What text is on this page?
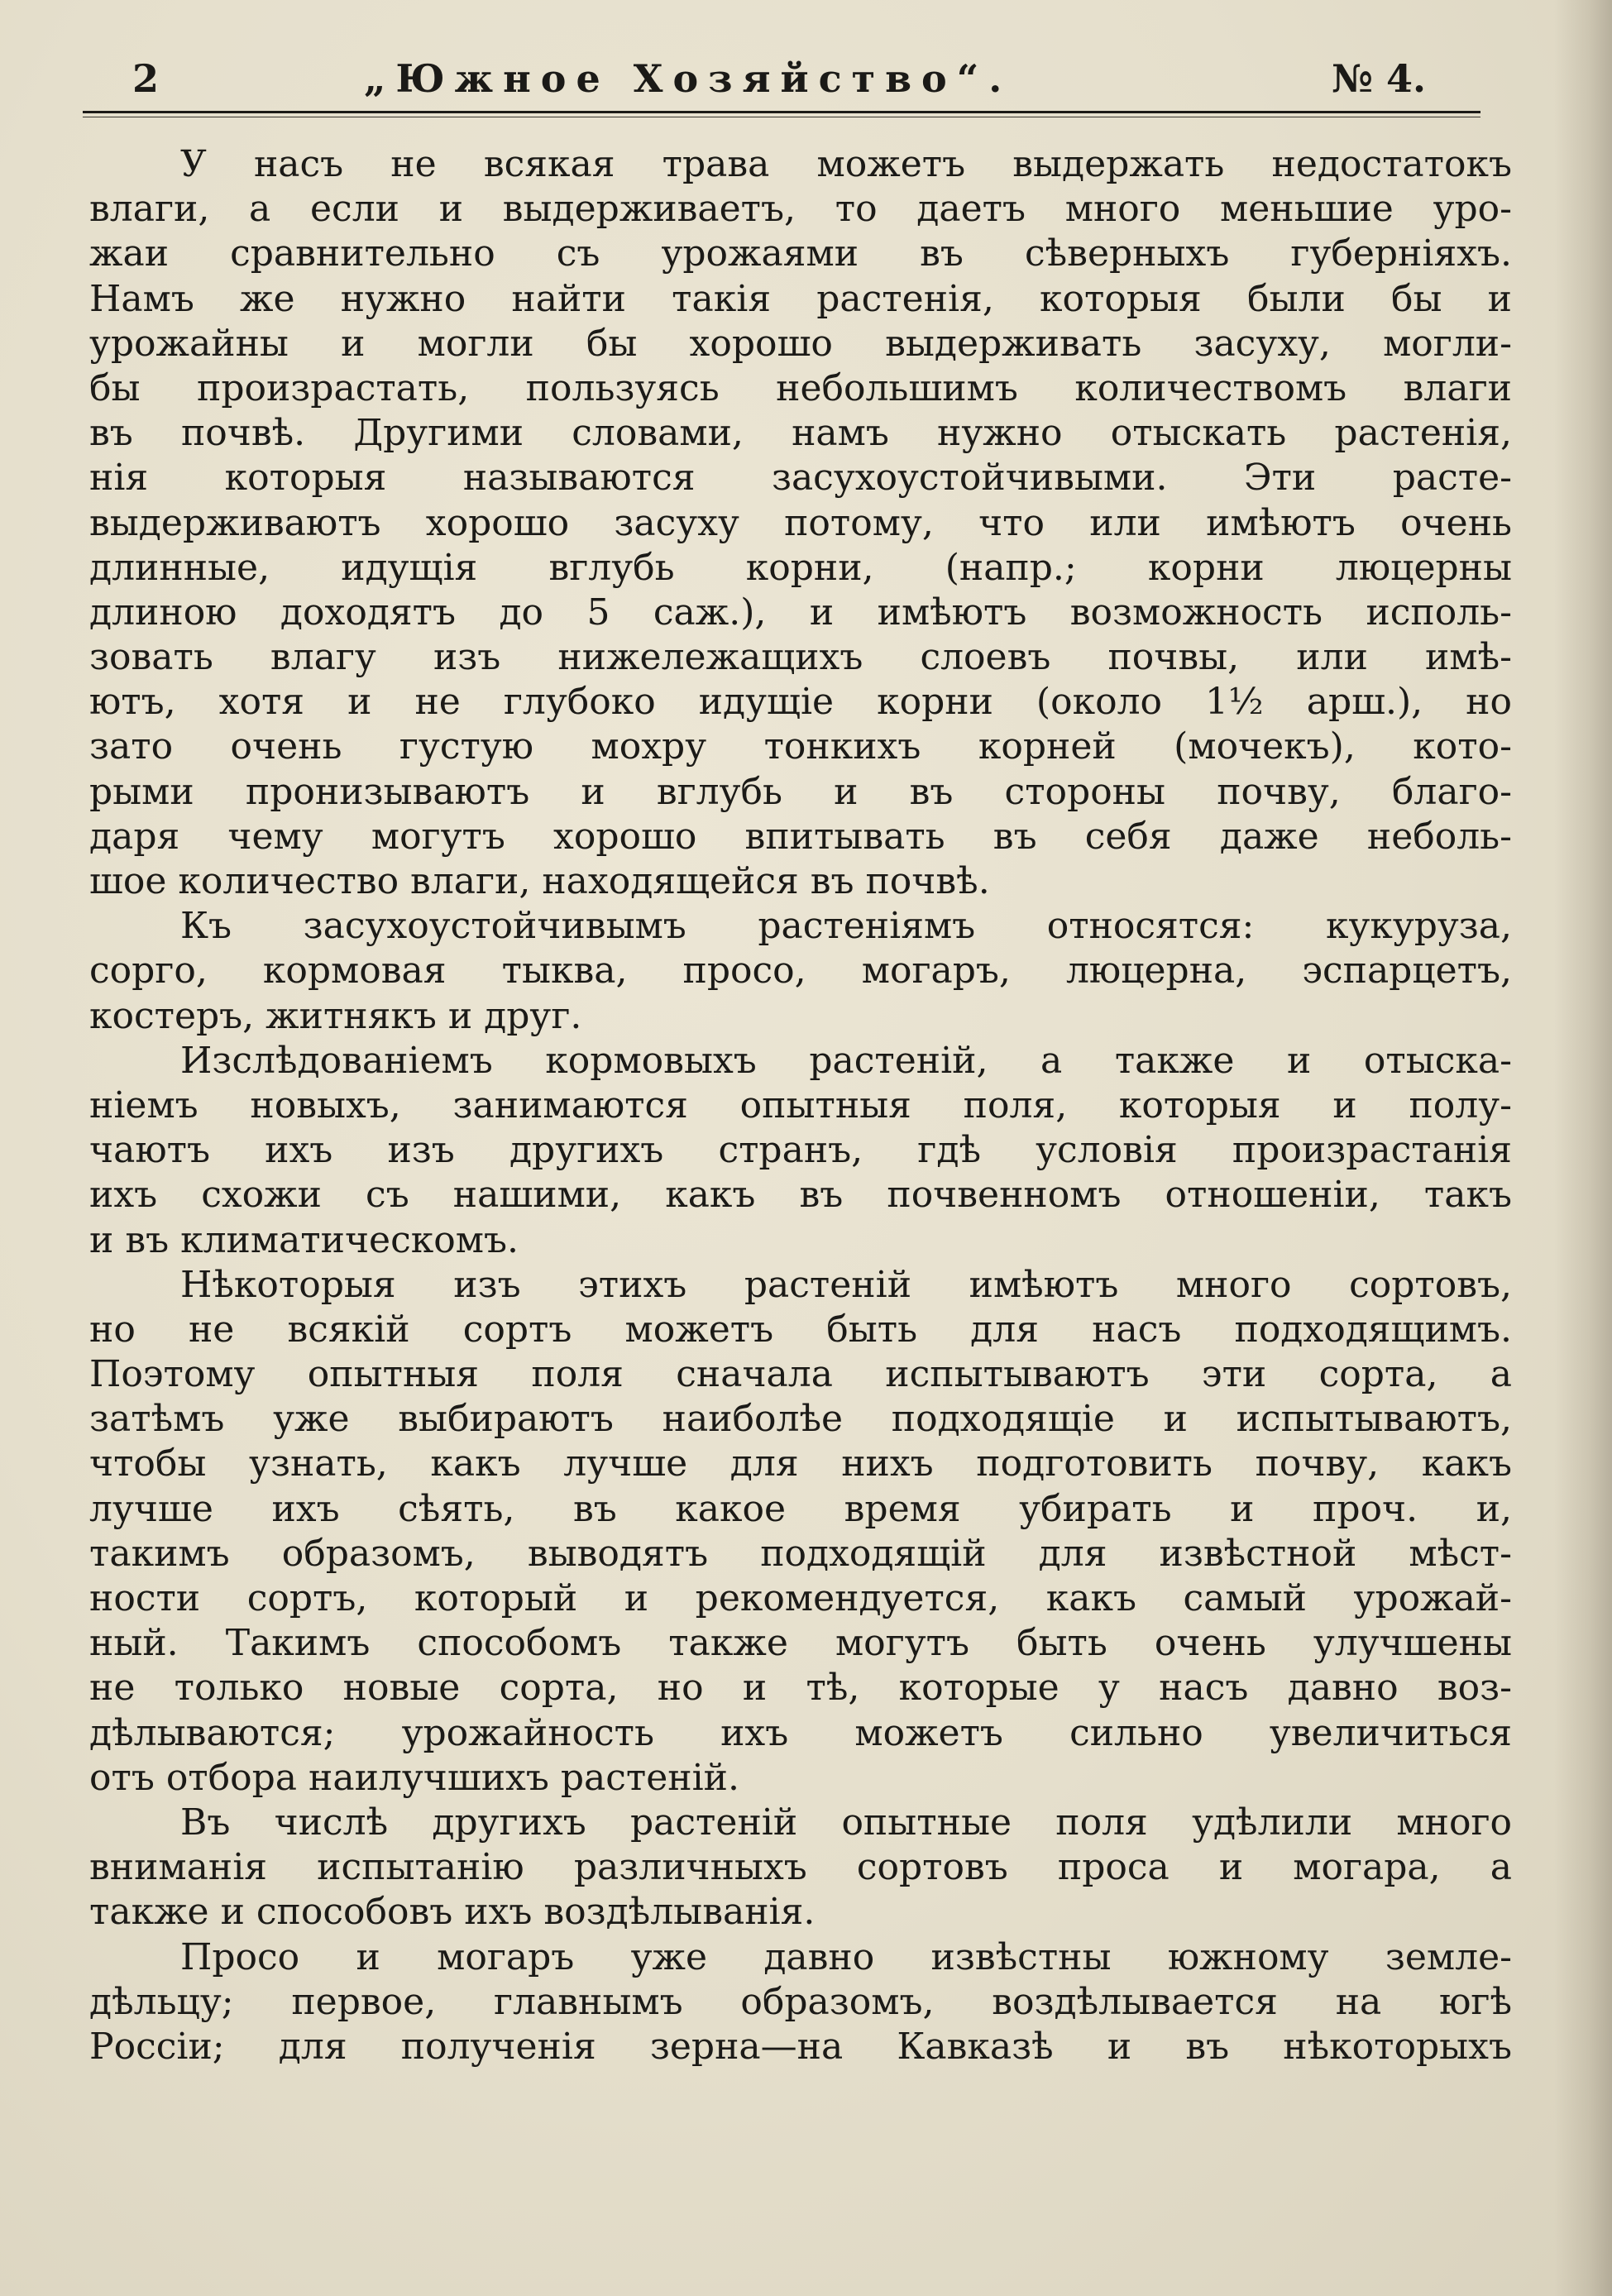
2	„Южное Хозяйство“.	№ 4.
У насъ не всякая трава можетъ выдержать недостатокъ
влаги, а если и выдерживаетъ, то даетъ много меньшие уро-
жаи сравнительно съ урожаями въ сѣверныхъ губерніяхъ.
Намъ же нужно найти такія растенія, которыя были бы и
урожайны и могли бы хорошо выдерживать засуху, могли-
бы произрастать, пользуясь небольшимъ количествомъ влаги
въ почвѣ. Другими словами, намъ нужно отыскать растенія,
нія которыя называются засухоустойчивыми. Эти расте-
выдерживаютъ хорошо засуху потому, что или имѣютъ очень
длинные, идущія вглубь корни, (напр.; корни люцерны
длиною доходятъ до 5 саж.), и имѣютъ возможность исполь-
зовать влагу изъ нижележащихъ слоевъ почвы, или имѣ-
ютъ, хотя и не глубоко идущіе корни (около 1½ арш.), но
зато очень густую мохру тонкихъ корней (мочекъ), кото-
рыми пронизываютъ и вглубь и въ стороны почву, благо-
даря чему могутъ хорошо впитывать въ себя даже неболь-
шое количество влаги, находящейся въ почвѣ.
Къ засухоустойчивымъ растеніямъ относятся: кукуруза,
сорго, кормовая тыква, просо, могаръ, люцерна, эспарцетъ,
костеръ, житнякъ и друг.
Изслѣдованіемъ кормовыхъ растеній, а также и отыска-
ніемъ новыхъ, занимаются опытныя поля, которыя и полу-
чаютъ ихъ изъ другихъ странъ, гдѣ условія произрастанія
ихъ схожи съ нашими, какъ въ почвенномъ отношеніи, такъ
и въ климатическомъ.
Нѣкоторыя изъ этихъ растеній имѣютъ много сортовъ,
но не всякій сортъ можетъ быть для насъ подходящимъ.
Поэтому опытныя поля сначала испытываютъ эти сорта, а
затѣмъ уже выбираютъ наиболѣе подходящіе и испытываютъ,
чтобы узнать, какъ лучше для нихъ подготовить почву, какъ
лучше ихъ сѣять, въ какое время убирать и проч. и,
такимъ образомъ, выводятъ подходящій для извѣстной мѣст-
ности сортъ, который и рекомендуется, какъ самый урожай-
ный. Такимъ способомъ также могутъ быть очень улучшены
не только новые сорта, но и тѣ, которые у насъ давно воз-
дѣлываются; урожайность ихъ можетъ сильно увеличиться
отъ отбора наилучшихъ растеній.
Въ числѣ другихъ растеній опытные поля удѣлили много
вниманія испытанію различныхъ сортовъ проса и могара, а
также и способовъ ихъ воздѣлыванія.
Просо и могаръ уже давно извѣстны южному земле-
дѣльцу; первое, главнымъ образомъ, воздѣлывается на югѣ
Россіи; для полученія зерна—на Кавказѣ и въ нѣкоторыхъ
